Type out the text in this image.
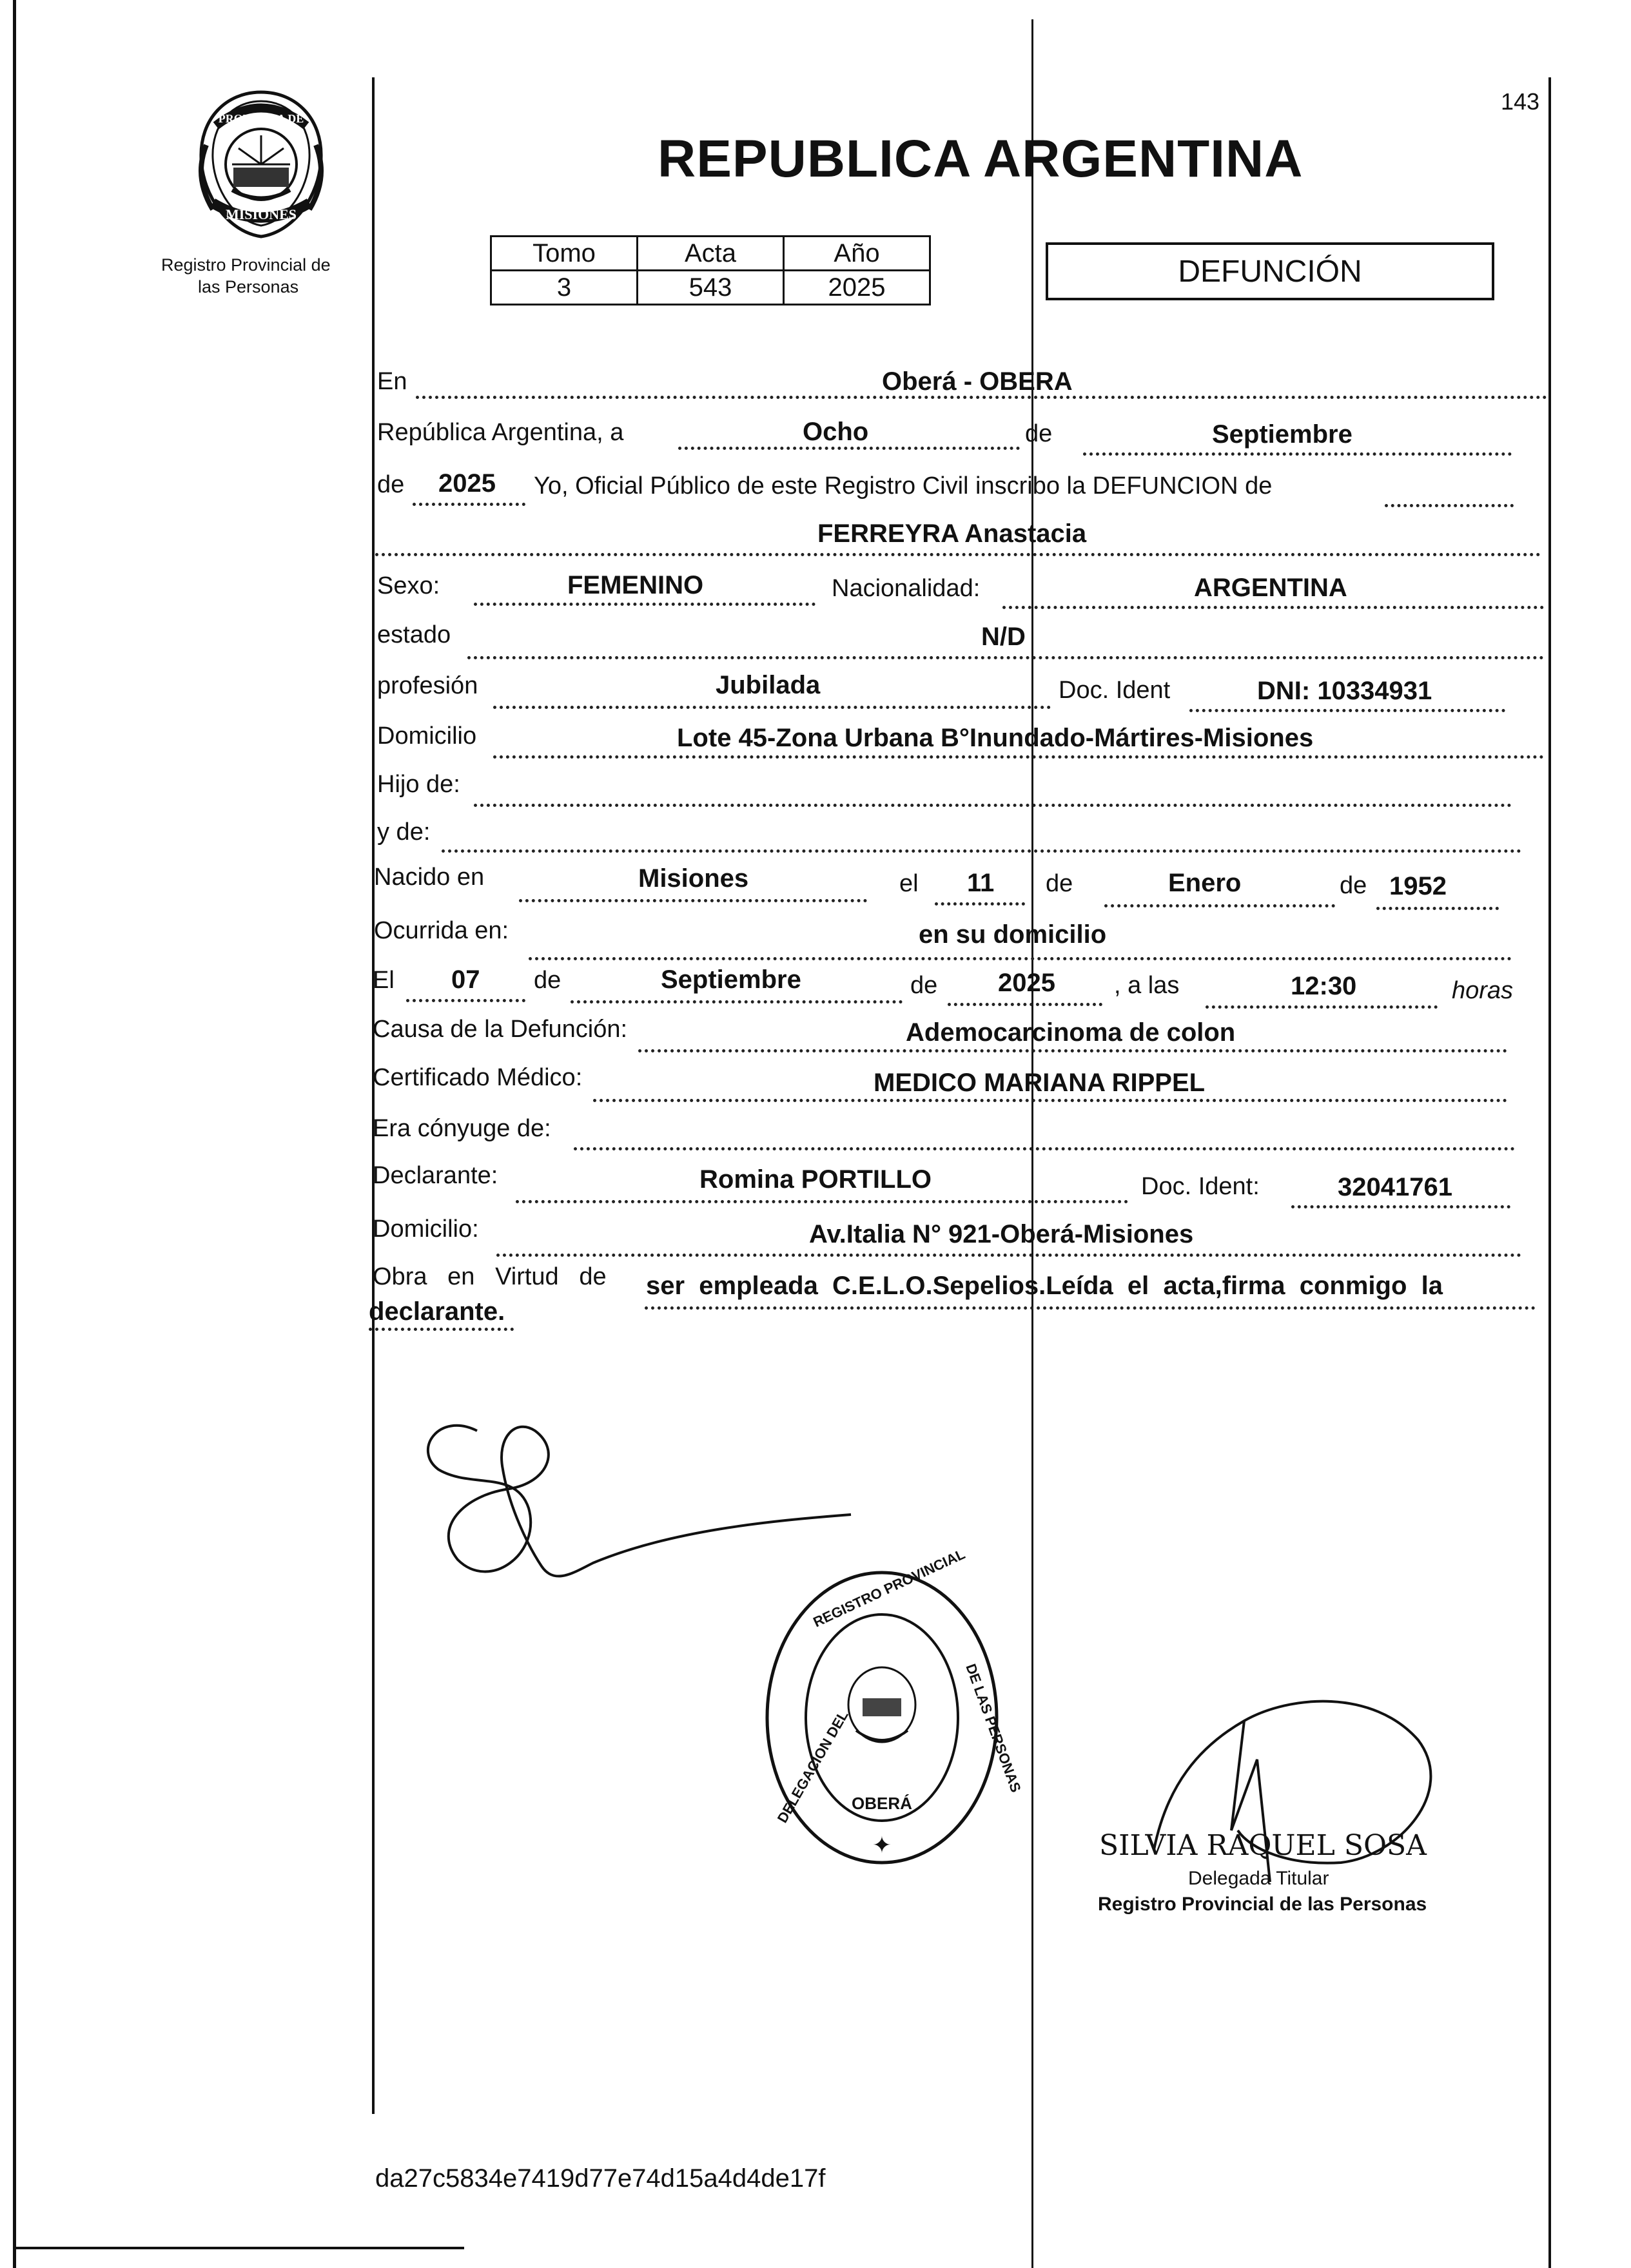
143
PROVINCIA DE
MISIONES
Registro Provincial de
las Personas
REPUBLICA ARGENTINA
Tomo	Acta	Año
3	543	2025	DEFUNCIÓN
En	Oberá - OBERA
República Argentina, a	Ocho	de	Septiembre
de 2025 Yo, Oficial Público de este Registro Civil inscribo la DEFUNCION de
FERREYRA Anastacia
Sexo:	FEMENINO	Nacionalidad:	ARGENTINA
estado	N/D
profesión	Jubilada	Doc. Ident	DNI: 10334931
Domicilio	Lote 45-Zona Urbana B°Inundado-Mártires-Misiones
Hijo de:
y de:
Nacido en	Misiones	el 11 de	Enero	de 1952
Ocurrida en:	en su domicilio
El 07 de	Septiembre	de 2025 , a las	12:30	horas
Causa de la Defunción:	Ademocarcinoma de colon
Certificado Médico:	MEDICO MARIANA RIPPEL
Era cónyuge de:
Declarante:	Romina PORTILLO	Doc. Ident:	32041761
Domicilio:	Av.Italia N° 921-Oberá-Misiones
Obra   en   Virtud   de ser  empleada  C.E.L.O.Sepelios.Leída  el  acta,firma  conmigo  la
declarante.
OBERÁ
✦
DELEGACION DEL
REGISTRO PROVINCIAL
DE LAS PERSONAS
SILVIA RAQUEL SOSA
Delegada Titular
Registro Provincial de las Personas
da27c5834e7419d77e74d15a4d4de17f
